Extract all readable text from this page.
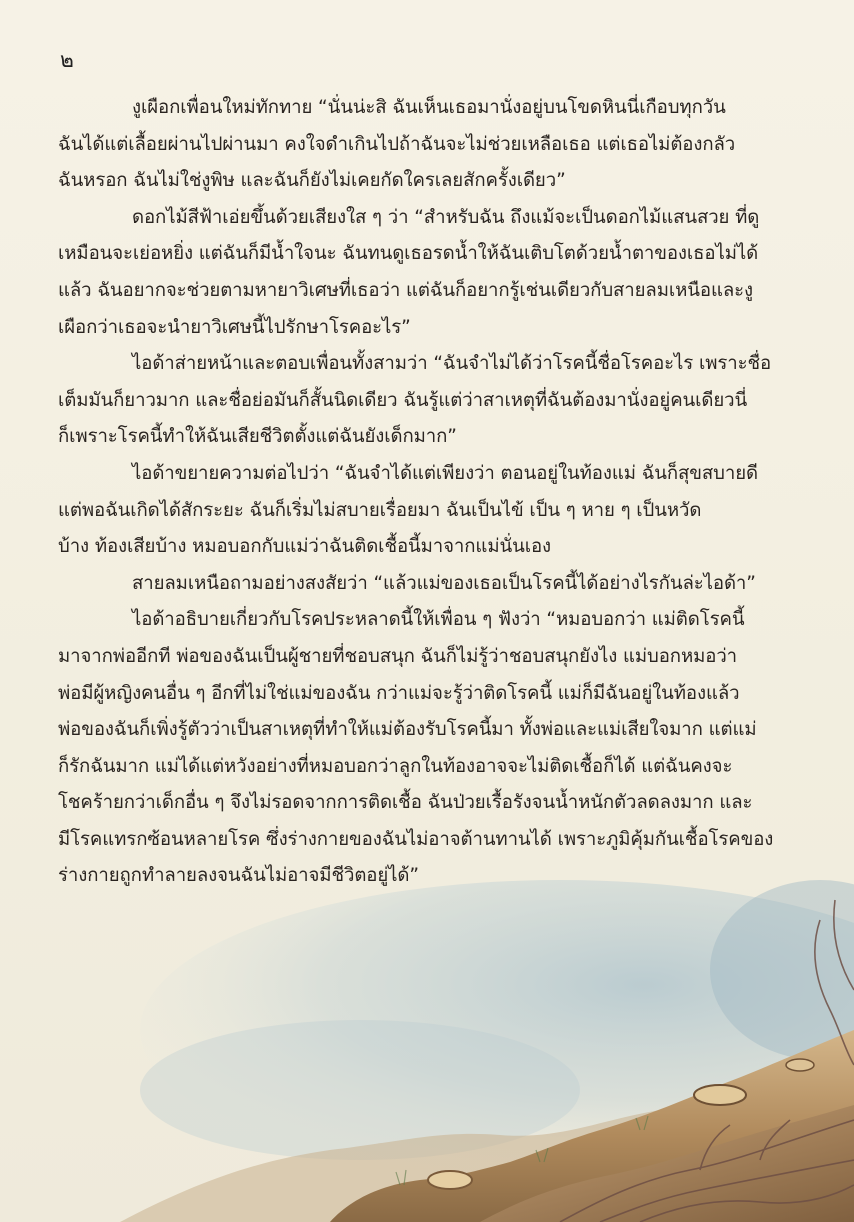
๒

งูเผือกเพื่อนใหม่ทักทาย “นั่นน่ะสิ ฉันเห็นเธอมานั่งอยู่บนโขดหินนี่เกือบทุกวัน

ฉันได้แต่เลื้อยผ่านไปผ่านมา คงใจดำเกินไปถ้าฉันจะไม่ช่วยเหลือเธอ แต่เธอไม่ต้องกลัว

ฉันหรอก ฉันไม่ใช่งูพิษ และฉันก็ยังไม่เคยกัดใครเลยสักครั้งเดียว”

ดอกไม้สีฟ้าเอ่ยขึ้นด้วยเสียงใส ๆ ว่า “สำหรับฉัน ถึงแม้จะเป็นดอกไม้แสนสวย ที่ดู

เหมือนจะเย่อหยิ่ง แต่ฉันก็มีน้ำใจนะ ฉันทนดูเธอรดน้ำให้ฉันเติบโตด้วยน้ำตาของเธอไม่ได้

แล้ว ฉันอยากจะช่วยตามหายาวิเศษที่เธอว่า แต่ฉันก็อยากรู้เช่นเดียวกับสายลมเหนือและงู

เผือกว่าเธอจะนำยาวิเศษนี้ไปรักษาโรคอะไร”

ไอด้าส่ายหน้าและตอบเพื่อนทั้งสามว่า “ฉันจำไม่ได้ว่าโรคนี้ชื่อโรคอะไร เพราะชื่อ

เต็มมันก็ยาวมาก และชื่อย่อมันก็สั้นนิดเดียว ฉันรู้แต่ว่าสาเหตุที่ฉันต้องมานั่งอยู่คนเดียวนี่

ก็เพราะโรคนี้ทำให้ฉันเสียชีวิตตั้งแต่ฉันยังเด็กมาก”

ไอด้าขยายความต่อไปว่า “ฉันจำได้แต่เพียงว่า ตอนอยู่ในท้องแม่ ฉันก็สุขสบายดี

แต่พอฉันเกิดได้สักระยะ ฉันก็เริ่มไม่สบายเรื่อยมา ฉันเป็นไข้ เป็น ๆ หาย ๆ เป็นหวัด

บ้าง ท้องเสียบ้าง หมอบอกกับแม่ว่าฉันติดเชื้อนี้มาจากแม่นั่นเอง

สายลมเหนือถามอย่างสงสัยว่า “แล้วแม่ของเธอเป็นโรคนี้ได้อย่างไรกันล่ะไอด้า”

ไอด้าอธิบายเกี่ยวกับโรคประหลาดนี้ให้เพื่อน ๆ ฟังว่า “หมอบอกว่า แม่ติดโรคนี้

มาจากพ่ออีกที พ่อของฉันเป็นผู้ชายที่ชอบสนุก ฉันก็ไม่รู้ว่าชอบสนุกยังไง แม่บอกหมอว่า

พ่อมีผู้หญิงคนอื่น ๆ อีกที่ไม่ใช่แม่ของฉัน กว่าแม่จะรู้ว่าติดโรคนี้ แม่ก็มีฉันอยู่ในท้องแล้ว

พ่อของฉันก็เพิ่งรู้ตัวว่าเป็นสาเหตุที่ทำให้แม่ต้องรับโรคนี้มา ทั้งพ่อและแม่เสียใจมาก แต่แม่

ก็รักฉันมาก แม่ได้แต่หวังอย่างที่หมอบอกว่าลูกในท้องอาจจะไม่ติดเชื้อก็ได้ แต่ฉันคงจะ

โชคร้ายกว่าเด็กอื่น ๆ จึงไม่รอดจากการติดเชื้อ ฉันป่วยเรื้อรังจนน้ำหนักตัวลดลงมาก และ

มีโรคแทรกซ้อนหลายโรค ซึ่งร่างกายของฉันไม่อาจต้านทานได้ เพราะภูมิคุ้มกันเชื้อโรคของ

ร่างกายถูกทำลายลงจนฉันไม่อาจมีชีวิตอยู่ได้”
